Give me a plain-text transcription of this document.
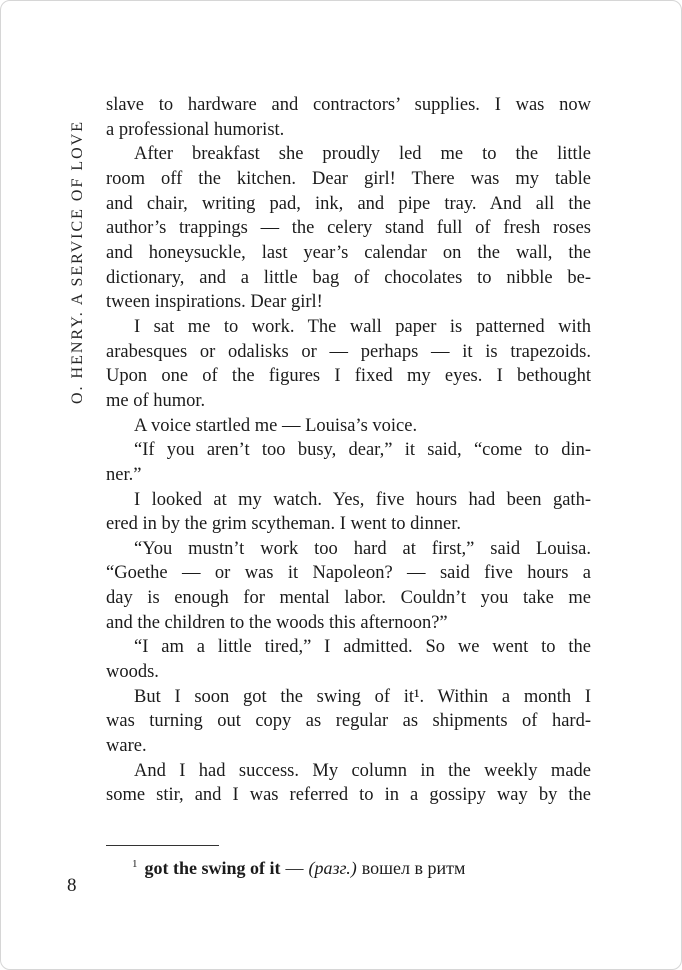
O. HENRY. A SERVICE OF LOVE
slave to hardware and contractors’ supplies. I was now
a professional humorist.
After breakfast she proudly led me to the little
room off the kitchen. Dear girl! There was my table
and chair, writing pad, ink, and pipe tray. And all the
author’s trappings — the celery stand full of fresh roses
and honeysuckle, last year’s calendar on the wall, the
dictionary, and a little bag of chocolates to nibble be-
tween inspirations. Dear girl!
I sat me to work. The wall paper is patterned with
arabesques or odalisks or — perhaps — it is trapezoids.
Upon one of the figures I fixed my eyes. I bethought
me of humor.
A voice startled me — Louisa’s voice.
“If you aren’t too busy, dear,” it said, “come to din-
ner.”
I looked at my watch. Yes, five hours had been gath-
ered in by the grim scytheman. I went to dinner.
“You mustn’t work too hard at first,” said Louisa.
“Goethe — or was it Napoleon? — said five hours a
day is enough for mental labor. Couldn’t you take me
and the children to the woods this afternoon?”
“I am a little tired,” I admitted. So we went to the
woods.
But I soon got the swing of it¹. Within a month I
was turning out copy as regular as shipments of hard-
ware.
And I had success. My column in the weekly made
some stir, and I was referred to in a gossipy way by the
$^1$ got the swing of it — (разг.) вошел в ритм
8
